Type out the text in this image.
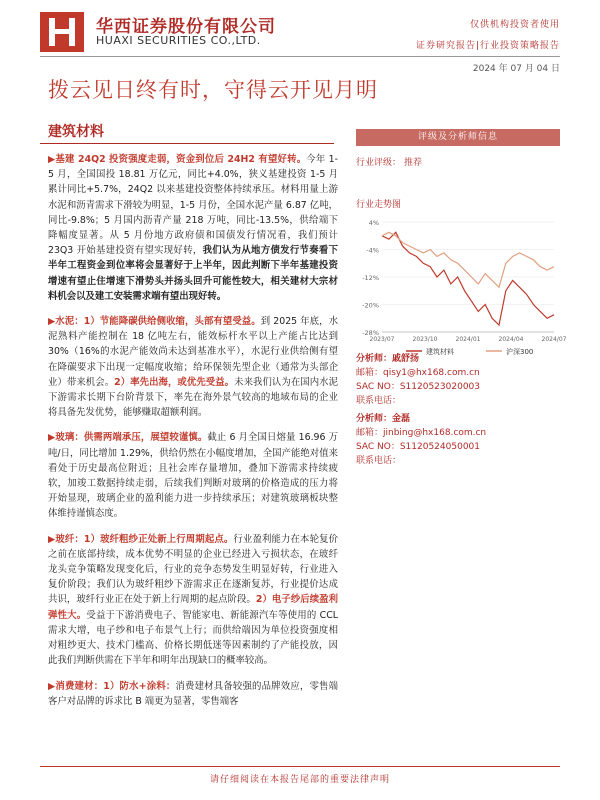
华西证券股份有限公司
HUAXI SECURITIES CO.,LTD.
仅供机构投资者使用
证券研究报告|行业投资策略报告
2024 年 07 月 04 日
拨云见日终有时，守得云开见月明
建筑材料

▶基建 24Q2 投资强度走弱，资金到位后 24H2 有望好转。今年 1-5 月，全国国投 18.81 万亿元，同比+4.0%，狭义基建投资 1-5 月累计同比+5.7%，24Q2 以来基建投资整体持续承压。材料用量上游水泥和沥青需求下滑较为明显，1-5 月份，全国水泥产量 6.87 亿吨，同比-9.8%；5 月国内沥青产量 218 万吨，同比-13.5%，供给端下降幅度显著。从 5 月份地方政府债和国债发行情况看，我们预计 23Q3 开始基建投资有望实现好转，我们认为从地方债发行节奏看下半年工程资金到位率将会显著好于上半年，因此判断下半年基建投资增速有望止住增速下滑势头并扬头回升可能性较大，相关建材大宗材料机会以及建工安装需求端有望出现好转。

▶水泥：1）节能降碳供给侧收缩，头部有望受益。到 2025 年底，水泥熟料产能控制在 18 亿吨左右，能效标杆水平以上产能占比达到 30%（16%的水泥产能效尚未达到基准水平），水泥行业供给侧有望在降碳要求下出现一定幅度收缩；给环保领先型企业（通常为头部企业）带来机会。2）率先出海，或优先受益。未来我们认为在国内水泥下游需求长期下台阶背景下，率先在海外景气较高的地域布局的企业将具备先发优势，能够赚取超额利润。

▶玻璃：供需两端承压，展望较谨慎。截止 6 月全国日熔量 16.96 万吨/日，同比增加 1.29%，供给仍然在小幅度增加，全国产能绝对值来看处于历史最高位附近；且社会库存量增加，叠加下游需求持续疲软，加竣工数据持续走弱，后续我们判断对玻璃的价格造成的压力将开始显现，玻璃企业的盈利能力进一步持续承压；对建筑玻璃板块整体维持谨慎态度。

▶玻纤：1）玻纤粗纱正处新上行周期起点。行业盈利能力在本轮复价之前在底部持续，成本优势不明显的企业已经进入亏损状态，在玻纤龙头竞争策略发现变化后，行业的竞争态势发生明显好转，行业进入复价阶段；我们认为玻纤粗纱下游需求正在逐渐复苏，行业提价达成共识，玻纤行业正在处于新上行周期的起点阶段。2）电子纱后续盈利弹性大。受益于下游消费电子、智能家电、新能源汽车等使用的 CCL 需求大增，电子纱和电子布景气上行；而供给端因为单位投资强度相对粗纱更大、技术门槛高、价格长期低迷等因素制约了产能投放，因此我们判断供需在下半年和明年出现缺口的概率较高。

▶消费建材：1）防水+涂料：消费建材具备较强的品牌效应，零售端客户对品牌的诉求比 B 端更为显著，零售端客

评级及分析师信息
行业评级： 推荐
行业走势图
4%
-4%
-12%
-20%
-28%
2023/07	2023/10	2024/01	2024/04	2024/07
建筑材料	沪深300
分析师：戚舒扬
邮箱：qisy1@hx168.com.cn
SAC NO：S1120523020003
联系电话：
分析师：金磊
邮箱：jinbing@hx168.com.cn
SAC NO：S1120524050001
联系电话：
请仔细阅读在本报告尾部的重要法律声明
